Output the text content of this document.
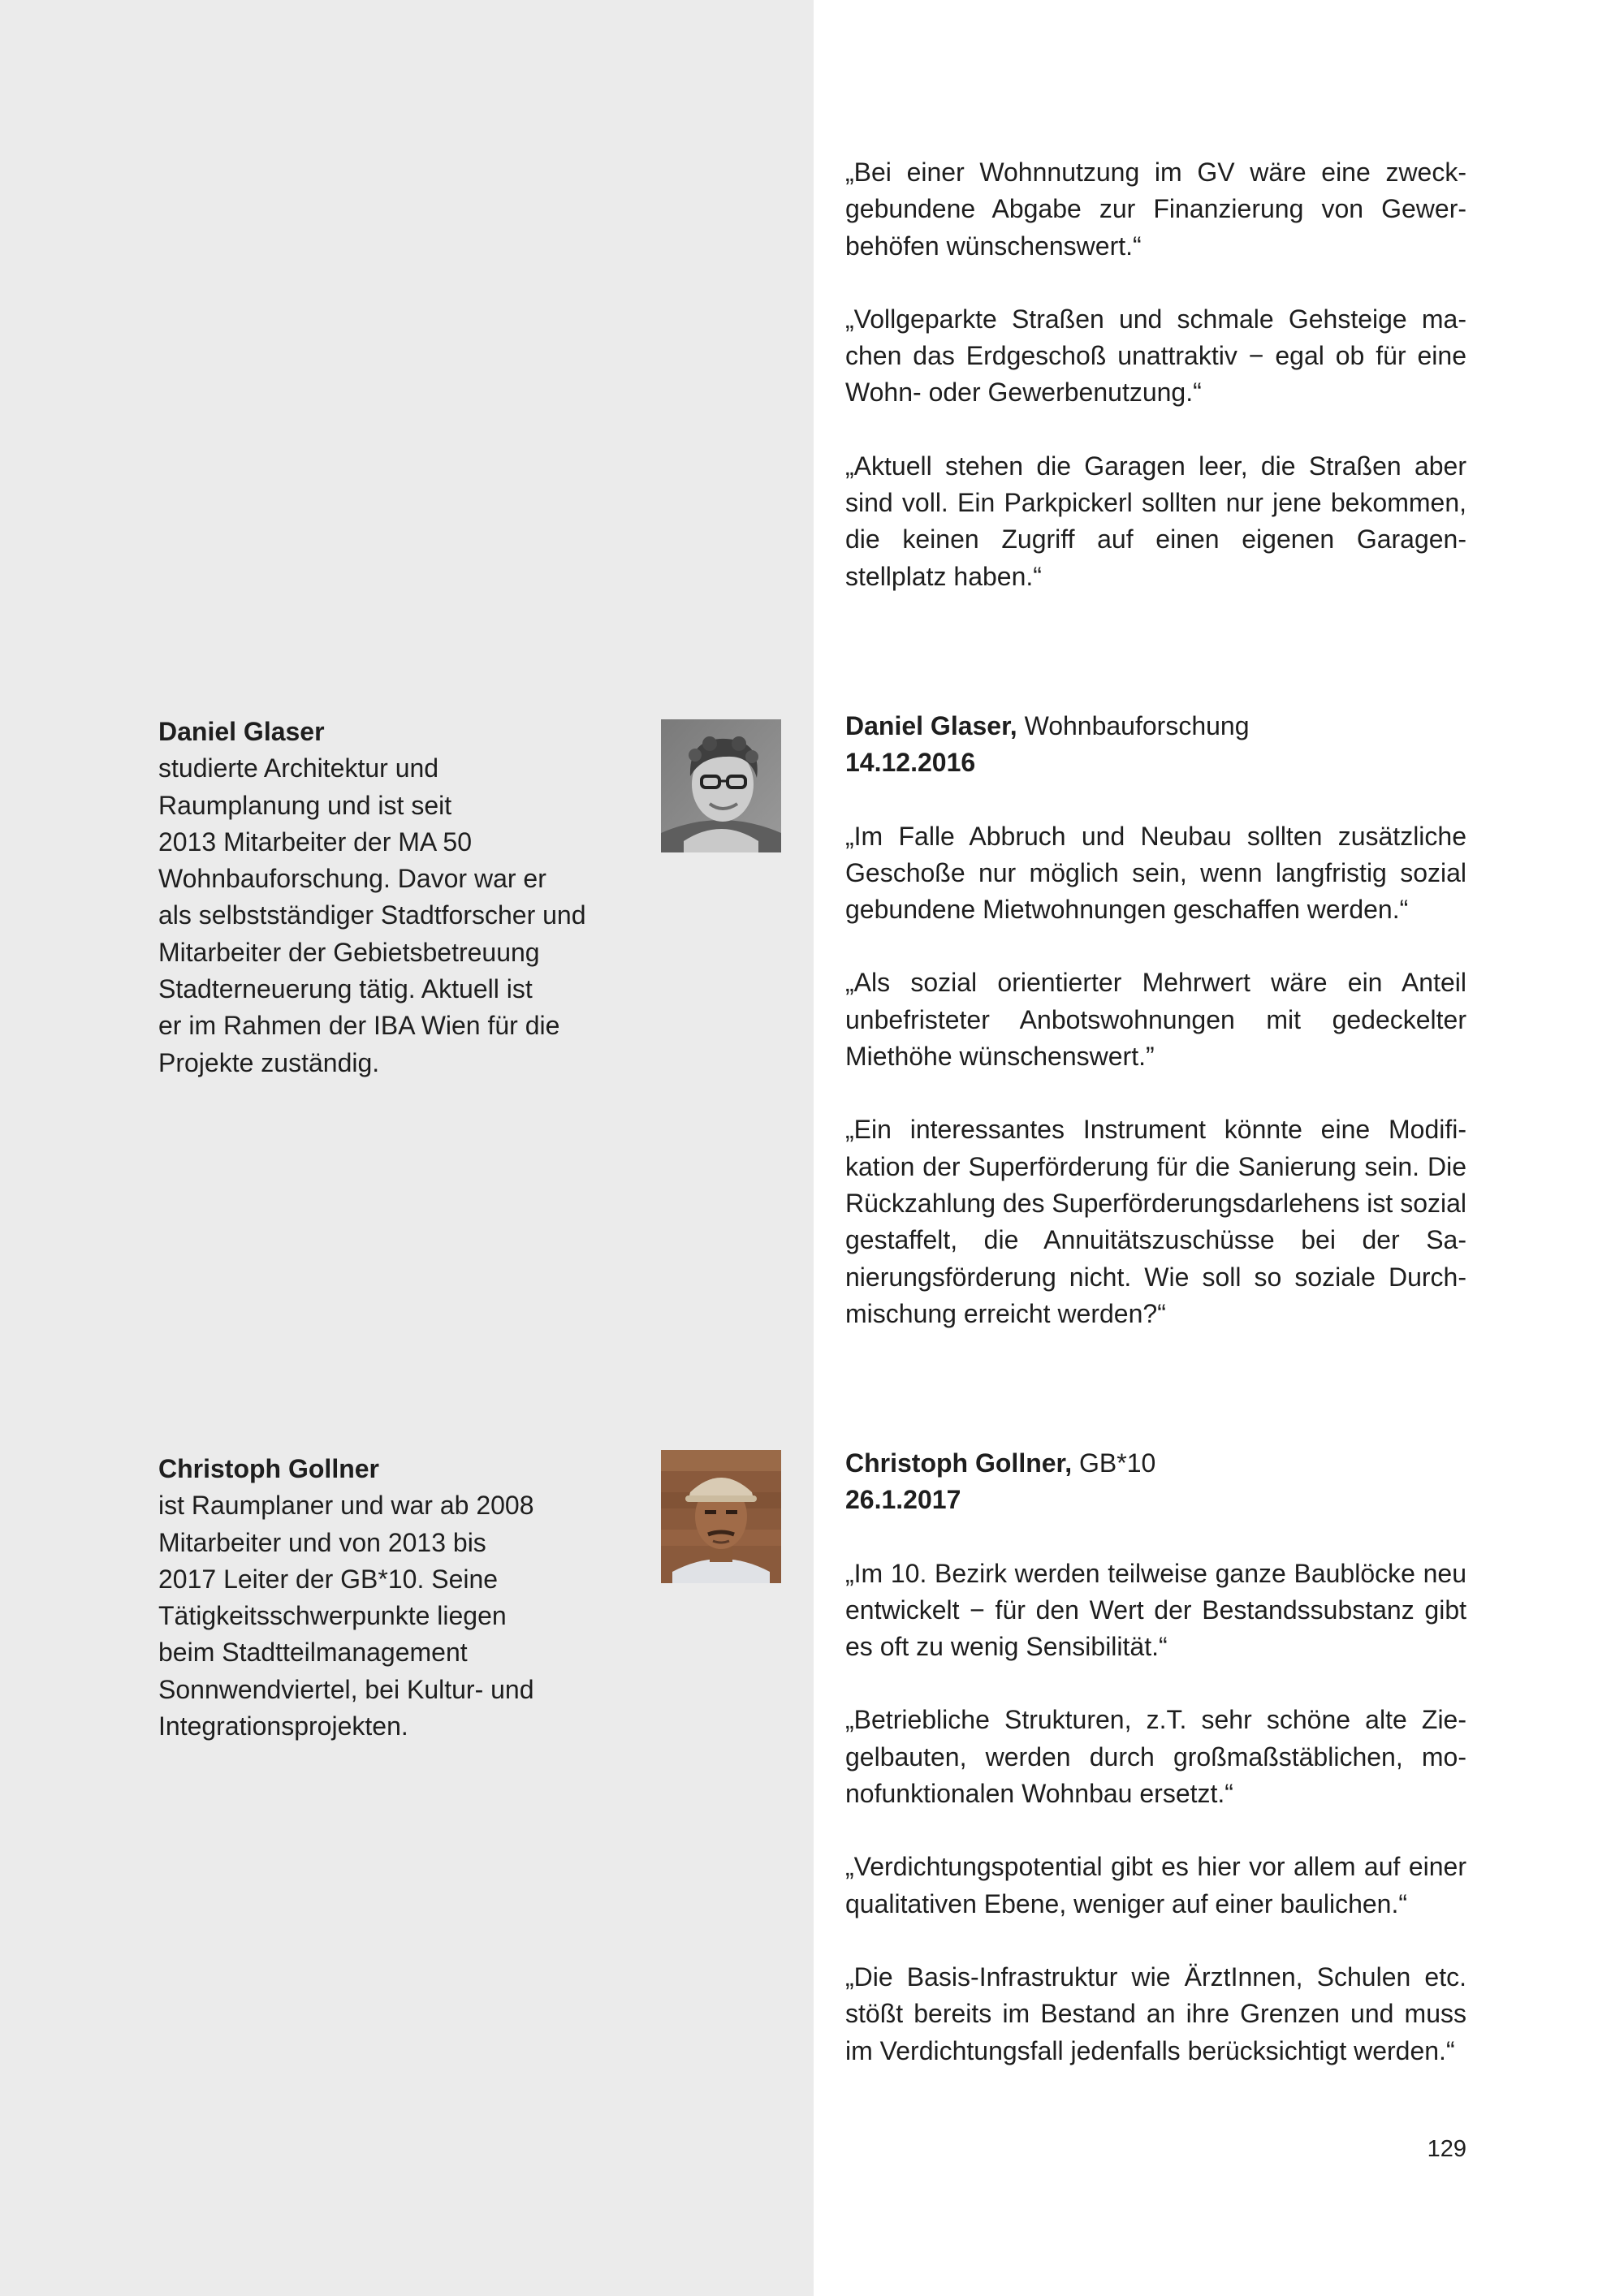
„Bei einer Wohnnutzung im GV wäre eine zweckgebundene Abgabe zur Finanzierung von Gewerbehöfen wünschenswert.“

„Vollgeparkte Straßen und schmale Gehsteige machen das Erdgeschoß unattraktiv − egal ob für eine Wohn- oder Gewerbenutzung.“

„Aktuell stehen die Garagen leer, die Straßen aber sind voll. Ein Parkpickerl sollten nur jene bekommen, die keinen Zugriff auf einen eigenen Garagenstellplatz haben.“

Daniel Glaser
studierte Architektur und
Raumplanung und ist seit
2013 Mitarbeiter der MA 50
Wohnbauforschung. Davor war er
als selbstständiger Stadtforscher und
Mitarbeiter der Gebietsbetreuung
Stadterneuerung tätig. Aktuell ist
er im Rahmen der IBA Wien für die
Projekte zuständig.
Daniel Glaser, Wohnbauforschung
14.12.2016

„Im Falle Abbruch und Neubau sollten zusätzliche Geschoße nur möglich sein, wenn langfristig sozial gebundene Mietwohnungen geschaffen werden.“

„Als sozial orientierter Mehrwert wäre ein Anteil unbefristeter Anbotswohnungen mit gedeckelter Miethöhe wünschenswert.”

„Ein interessantes Instrument könnte eine Modifikation der Superförderung für die Sanierung sein. Die Rückzahlung des Superförderungsdarlehens ist sozial gestaffelt, die Annuitätszuschüsse bei der Sanierungsförderung nicht. Wie soll so soziale Durchmischung erreicht werden?“

Christoph Gollner
ist Raumplaner und war ab 2008
Mitarbeiter und von 2013 bis
2017 Leiter der GB*10. Seine
Tätigkeitsschwerpunkte liegen
beim Stadtteilmanagement
Sonnwendviertel, bei Kultur- und
Integrationsprojekten.
Christoph Gollner, GB*10
26.1.2017

„Im 10. Bezirk werden teilweise ganze Baublöcke neu entwickelt − für den Wert der Bestandssubstanz gibt es oft zu wenig Sensibilität.“

„Betriebliche Strukturen, z.T. sehr schöne alte Ziegelbauten, werden durch großmaßstäblichen, monofunktionalen Wohnbau ersetzt.“

„Verdichtungspotential gibt es hier vor allem auf einer qualitativen Ebene, weniger auf einer baulichen.“

„Die Basis-Infrastruktur wie ÄrztInnen, Schulen etc. stößt bereits im Bestand an ihre Grenzen und muss im Verdichtungsfall jedenfalls berücksichtigt werden.“

129
